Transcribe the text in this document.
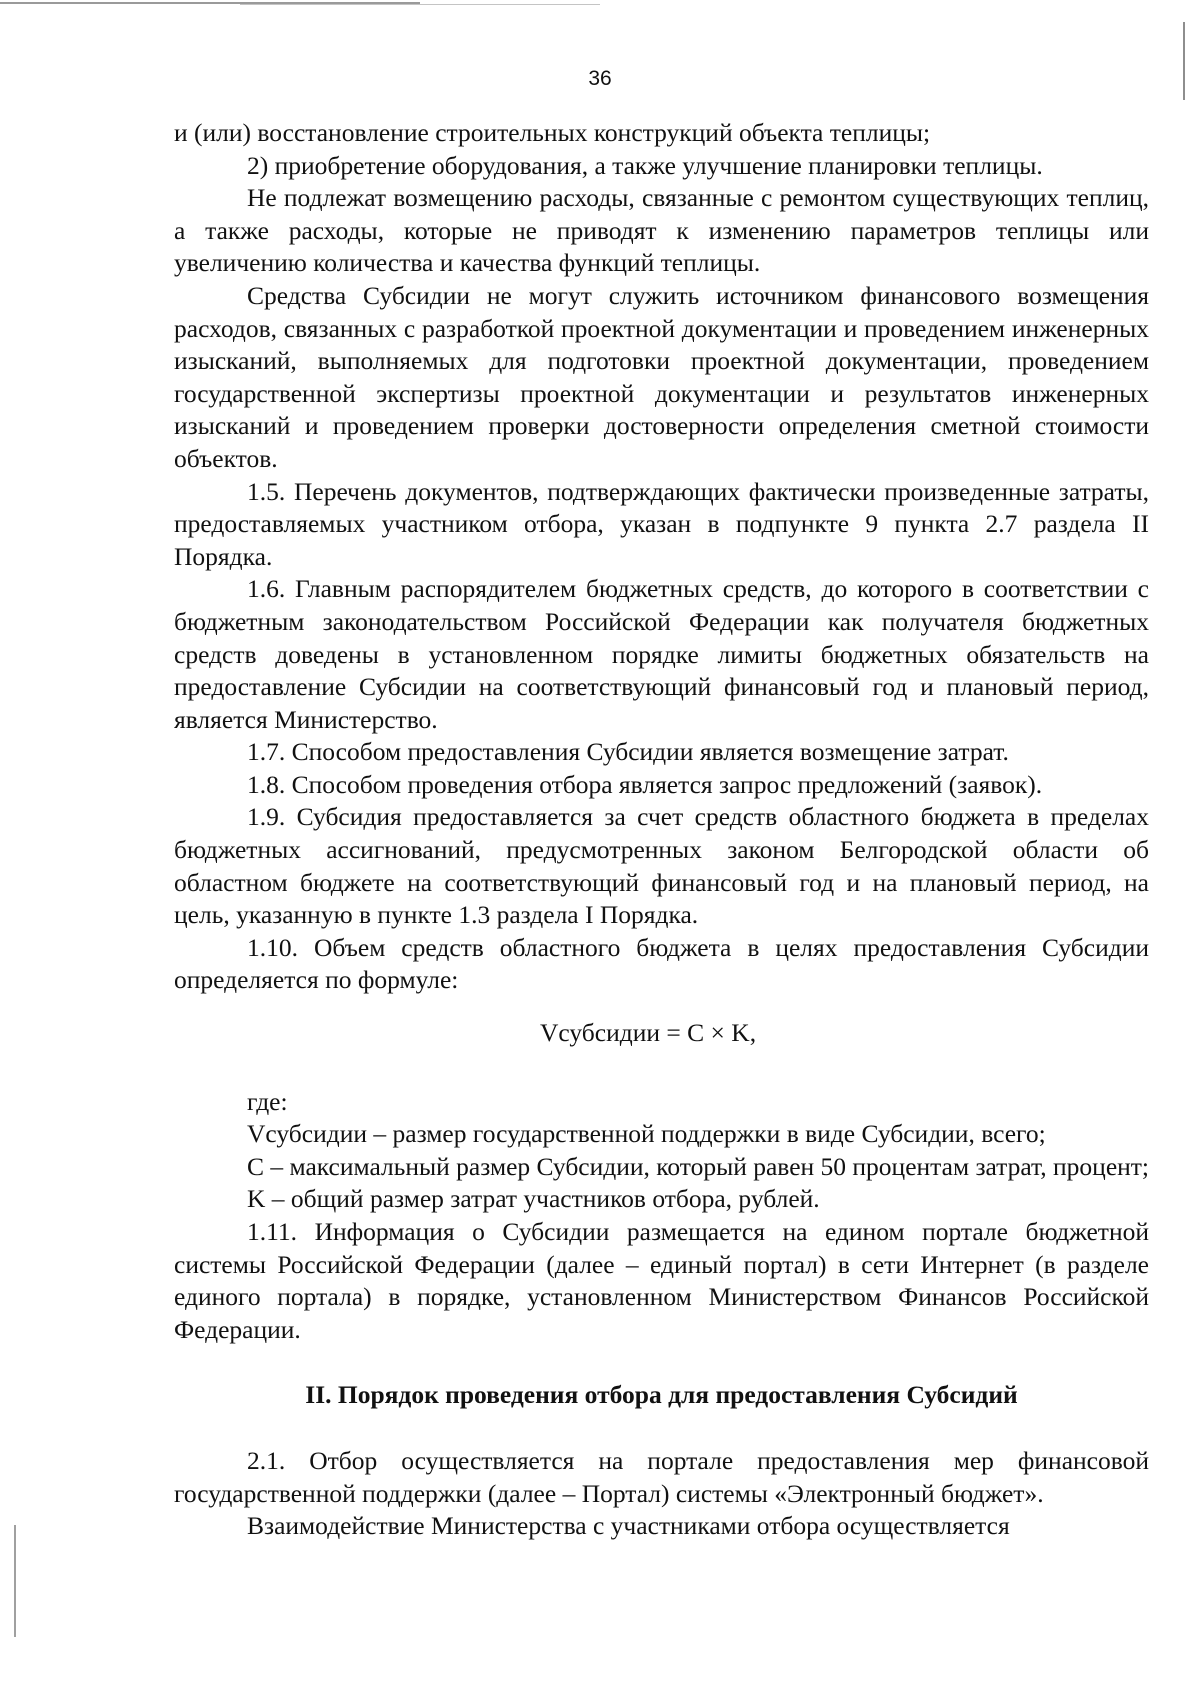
36

и (или) восстановление строительных конструкций объекта теплицы;

2) приобретение оборудования, а также улучшение планировки теплицы.

Не подлежат возмещению расходы, связанные с ремонтом существующих теплиц, а также расходы, которые не приводят к изменению параметров теплицы или увеличению количества и качества функций теплицы.

Средства Субсидии не могут служить источником финансового возмещения расходов, связанных с разработкой проектной документации и проведением инженерных изысканий, выполняемых для подготовки проектной документации, проведением государственной экспертизы проектной документации и результатов инженерных изысканий и проведением проверки достоверности определения сметной стоимости объектов.

1.5. Перечень документов, подтверждающих фактически произведенные затраты, предоставляемых участником отбора, указан в подпункте 9 пункта 2.7 раздела II Порядка.

1.6. Главным распорядителем бюджетных средств, до которого в соответствии с бюджетным законодательством Российской Федерации как получателя бюджетных средств доведены в установленном порядке лимиты бюджетных обязательств на предоставление Субсидии на соответствующий финансовый год и плановый период, является Министерство.

1.7. Способом предоставления Субсидии является возмещение затрат.

1.8. Способом проведения отбора является запрос предложений (заявок).

1.9. Субсидия предоставляется за счет средств областного бюджета в пределах бюджетных ассигнований, предусмотренных законом Белгородской области об областном бюджете на соответствующий финансовый год и на плановый период, на цель, указанную в пункте 1.3 раздела I Порядка.

1.10. Объем средств областного бюджета в целях предоставления Субсидии определяется по формуле:

Vсубсидии = С × K,

где:

Vсубсидии – размер государственной поддержки в виде Субсидии, всего;

С – максимальный размер Субсидии, который равен 50 процентам затрат, процент;

K – общий размер затрат участников отбора, рублей.

1.11. Информация о Субсидии размещается на едином портале бюджетной системы Российской Федерации (далее – единый портал) в сети Интернет (в разделе единого портала) в порядке, установленном Министерством Финансов Российской Федерации.

II. Порядок проведения отбора для предоставления Субсидий

2.1. Отбор осуществляется на портале предоставления мер финансовой государственной поддержки (далее – Портал) системы «Электронный бюджет».

Взаимодействие Министерства с участниками отбора осуществляется
